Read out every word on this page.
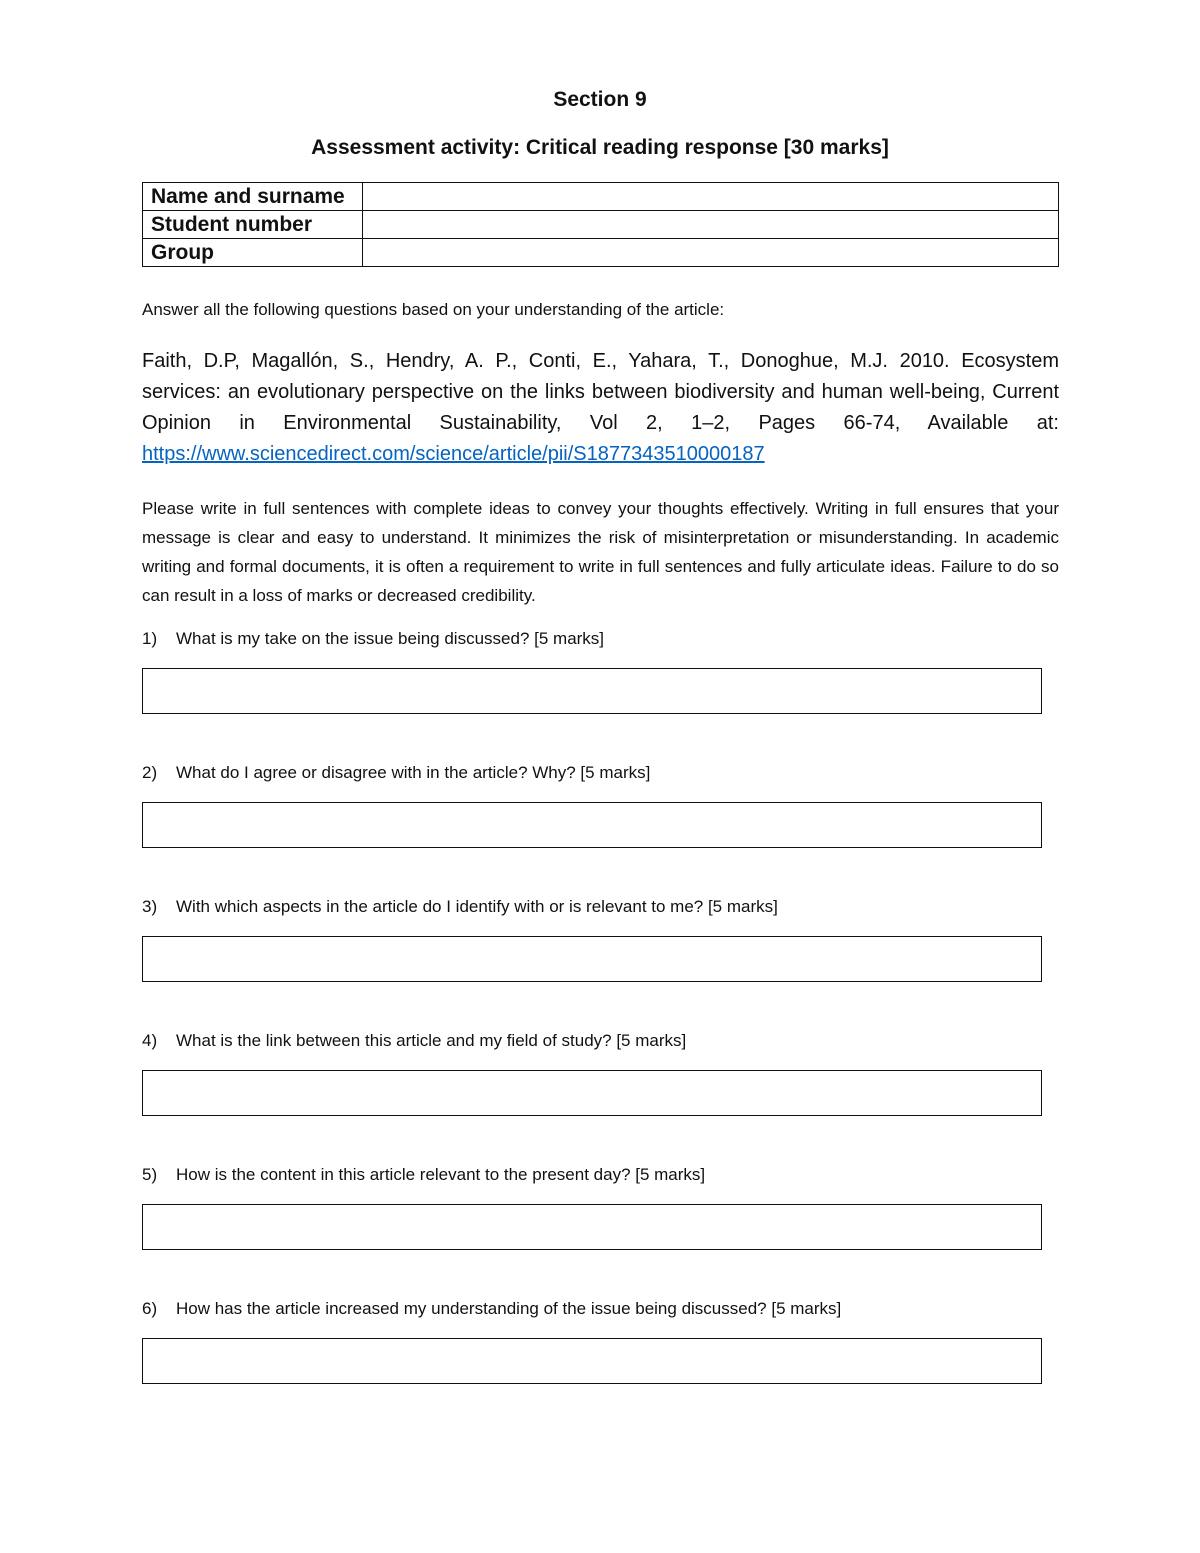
Section 9
Assessment activity: Critical reading response [30 marks]
Name and surname	
Student number	
Group	
Answer all the following questions based on your understanding of the article:
Faith, D.P, Magallón, S., Hendry, A. P., Conti, E., Yahara, T., Donoghue, M.J. 2010. Ecosystem services: an evolutionary perspective on the links between biodiversity and human well-being, Current Opinion in Environmental Sustainability, Vol 2, 1–2, Pages 66-74, Available at: https://www.sciencedirect.com/science/article/pii/S1877343510000187
Please write in full sentences with complete ideas to convey your thoughts effectively. Writing in full ensures that your message is clear and easy to understand. It minimizes the risk of misinterpretation or misunderstanding. In academic writing and formal documents, it is often a requirement to write in full sentences and fully articulate ideas. Failure to do so can result in a loss of marks or decreased credibility.
1) What is my take on the issue being discussed? [5 marks]
2) What do I agree or disagree with in the article? Why? [5 marks]
3) With which aspects in the article do I identify with or is relevant to me? [5 marks]
4) What is the link between this article and my field of study? [5 marks]
5) How is the content in this article relevant to the present day? [5 marks]
6) How has the article increased my understanding of the issue being discussed? [5 marks]
